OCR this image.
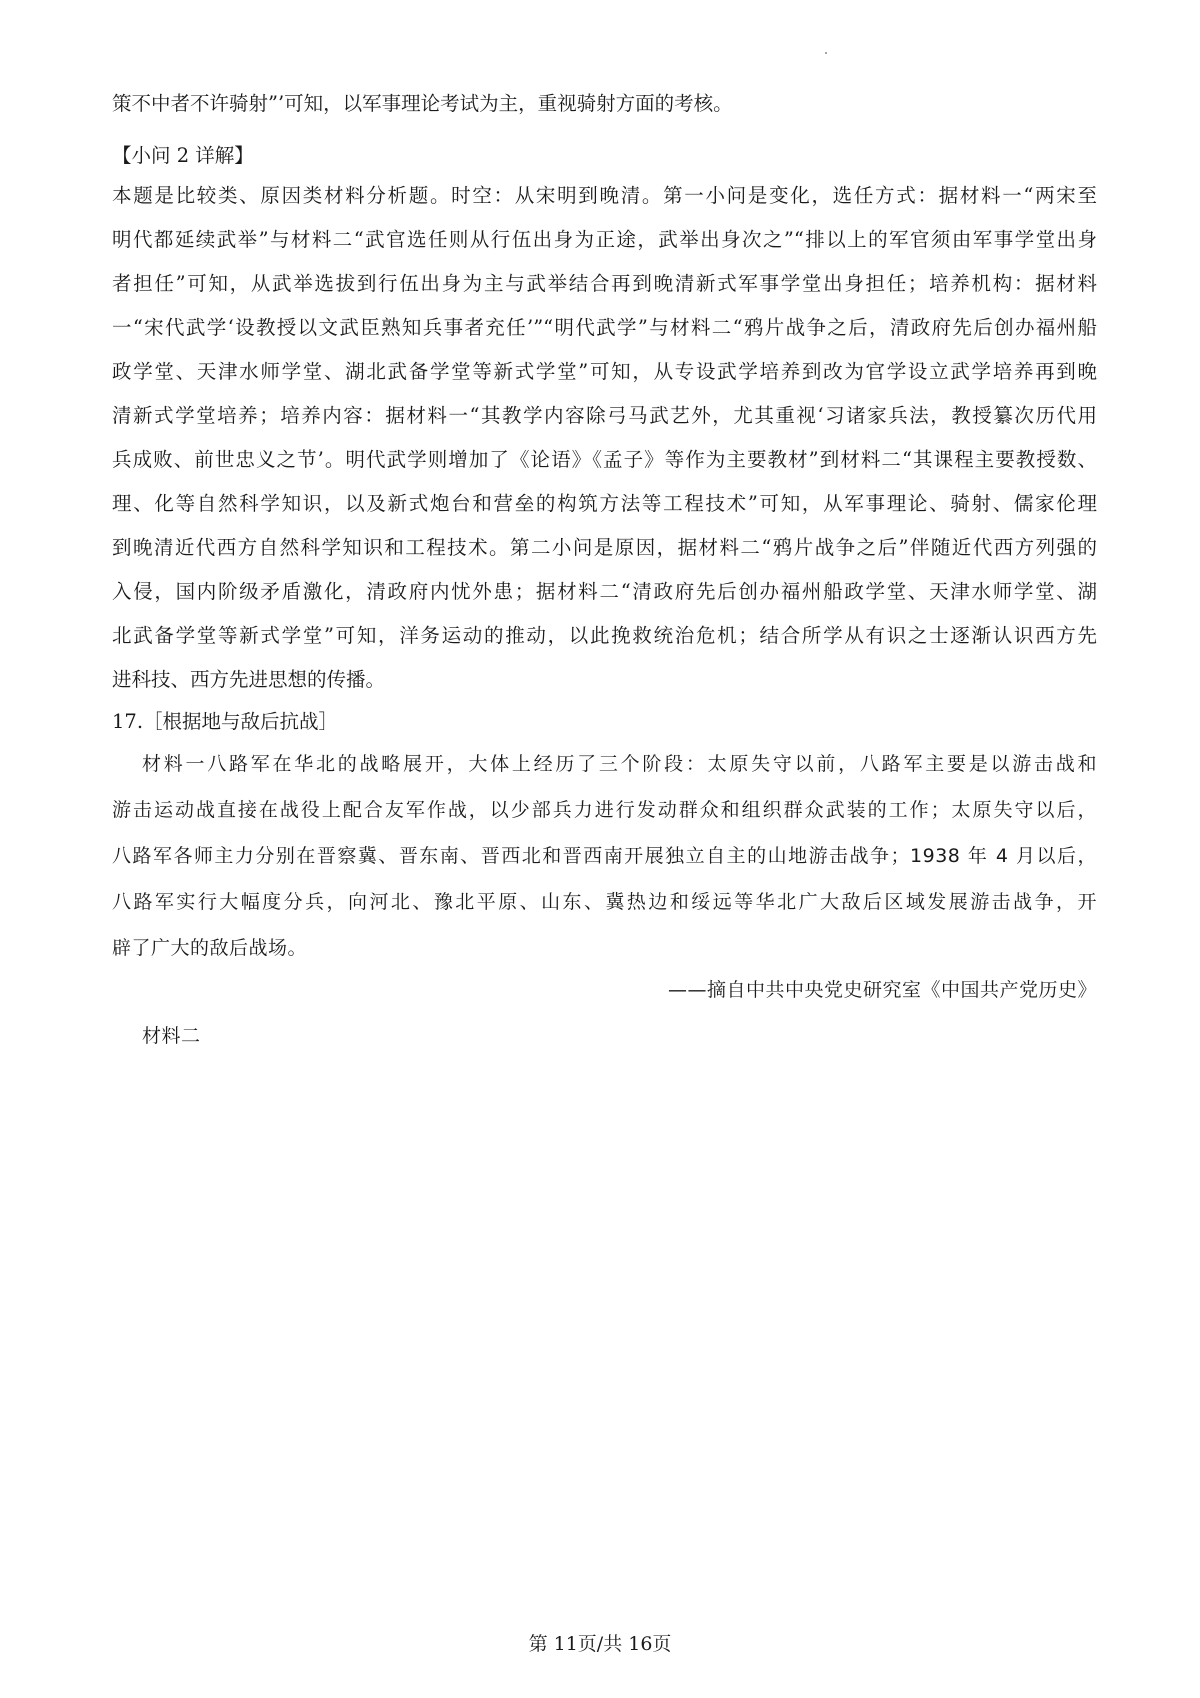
策不中者不许骑射”’可知，以军事理论考试为主，重视骑射方面的考核。
【小问 2 详解】
本题是比较类、原因类材料分析题。时空：从宋明到晚清。第一小问是变化，选任方式：据材料一“两宋至
明代都延续武举”与材料二“武官选任则从行伍出身为正途，武举出身次之”“排以上的军官须由军事学堂出身
者担任”可知，从武举选拔到行伍出身为主与武举结合再到晚清新式军事学堂出身担任；培养机构：据材料
一“宋代武学‘设教授以文武臣熟知兵事者充任’”“明代武学”与材料二“鸦片战争之后，清政府先后创办福州船
政学堂、天津水师学堂、湖北武备学堂等新式学堂”可知，从专设武学培养到改为官学设立武学培养再到晚
清新式学堂培养；培养内容：据材料一“其教学内容除弓马武艺外，尤其重视‘习诸家兵法，教授纂次历代用
兵成败、前世忠义之节’。明代武学则增加了《论语》《孟子》等作为主要教材”到材料二“其课程主要教授数、
理、化等自然科学知识，以及新式炮台和营垒的构筑方法等工程技术”可知，从军事理论、骑射、儒家伦理
到晚清近代西方自然科学知识和工程技术。第二小问是原因，据材料二“鸦片战争之后”伴随近代西方列强的
入侵，国内阶级矛盾激化，清政府内忧外患；据材料二“清政府先后创办福州船政学堂、天津水师学堂、湖
北武备学堂等新式学堂”可知，洋务运动的推动，以此挽救统治危机；结合所学从有识之士逐渐认识西方先
进科技、西方先进思想的传播。
17.［根据地与敌后抗战］
材料一八路军在华北的战略展开，大体上经历了三个阶段：太原失守以前，八路军主要是以游击战和
游击运动战直接在战役上配合友军作战，以少部兵力进行发动群众和组织群众武装的工作；太原失守以后，
八路军各师主力分别在晋察冀、晋东南、晋西北和晋西南开展独立自主的山地游击战争；1938 年 4 月以后，
八路军实行大幅度分兵，向河北、豫北平原、山东、冀热边和绥远等华北广大敌后区域发展游击战争，开
辟了广大的敌后战场。
——摘自中共中央党史研究室《中国共产党历史》
材料二
第 11页/共 16页
